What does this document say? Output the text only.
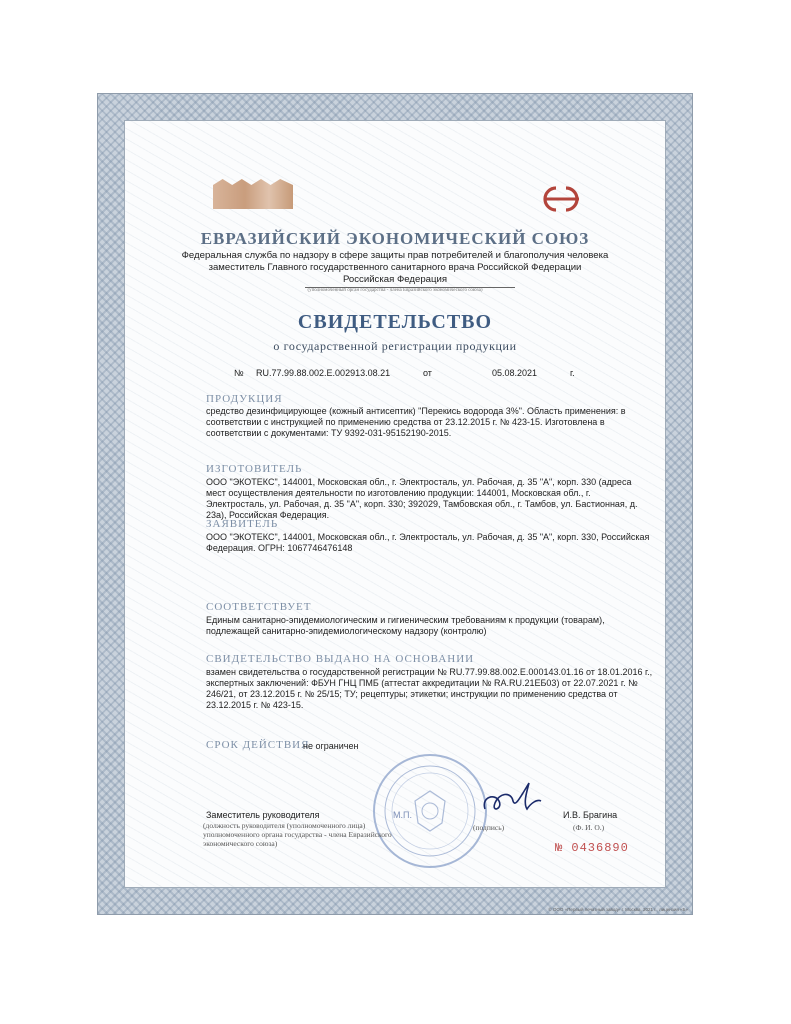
ЕВРАЗИЙСКИЙ ЭКОНОМИЧЕСКИЙ СОЮЗ
Федеральная служба по надзору в сфере защиты прав потребителей и благополучия человека
заместитель Главного государственного санитарного врача Российской Федерации
Российская Федерация
(уполномоченный орган государства - члена Евразийского экономического союза)
СВИДЕТЕЛЬСТВО
о государственной регистрации продукции
№ RU.77.99.88.002.Е.002913.08.21	от	05.08.2021	г.
ПРОДУКЦИЯ
средство дезинфицирующее (кожный антисептик) "Перекись водорода 3%". Область применения: в соответствии с инструкцией по применению средства от 23.12.2015 г. № 423-15. Изготовлена в соответствии с документами: ТУ 9392-031-95152190-2015.
ИЗГОТОВИТЕЛЬ
ООО "ЭКОТЕКС", 144001, Московская обл., г. Электросталь, ул. Рабочая, д. 35 "А", корп. 330 (адреса мест осуществления деятельности по изготовлению продукции: 144001, Московская обл., г. Электросталь, ул. Рабочая, д. 35 "А", корп. 330; 392029, Тамбовская обл., г. Тамбов, ул. Бастионная, д. 23а), Российская Федерация.
ЗАЯВИТЕЛЬ
ООО "ЭКОТЕКС", 144001, Московская обл., г. Электросталь, ул. Рабочая, д. 35 "А", корп. 330, Российская Федерация. ОГРН: 1067746476148
СООТВЕТСТВУЕТ
Единым санитарно-эпидемиологическим и гигиеническим требованиям к продукции (товарам), подлежащей санитарно-эпидемиологическому надзору (контролю)
СВИДЕТЕЛЬСТВО ВЫДАНО НА ОСНОВАНИИ
взамен свидетельства о государственной регистрации № RU.77.99.88.002.Е.000143.01.16 от 18.01.2016 г., экспертных заключений: ФБУН ГНЦ ПМБ (аттестат аккредитации № RA.RU.21ЕБ03) от 22.07.2021 г. № 246/21, от 23.12.2015 г. № 25/15; ТУ; рецептуры; этикетки; инструкции по применению средства от 23.12.2015 г. № 423-15.
СРОК ДЕЙСТВИЯ
не ограничен
Заместитель руководителя	М.П.	И.В. Брагина
(должность руководителя (уполномоченного лица) уполномоченного органа государства - члена Евразийского экономического союза)
(подпись)	(Ф. И. О.)
№ 0436890
© ООО «Первый печатный завод» г. Москва, 2021 г., лицензия «Б»
